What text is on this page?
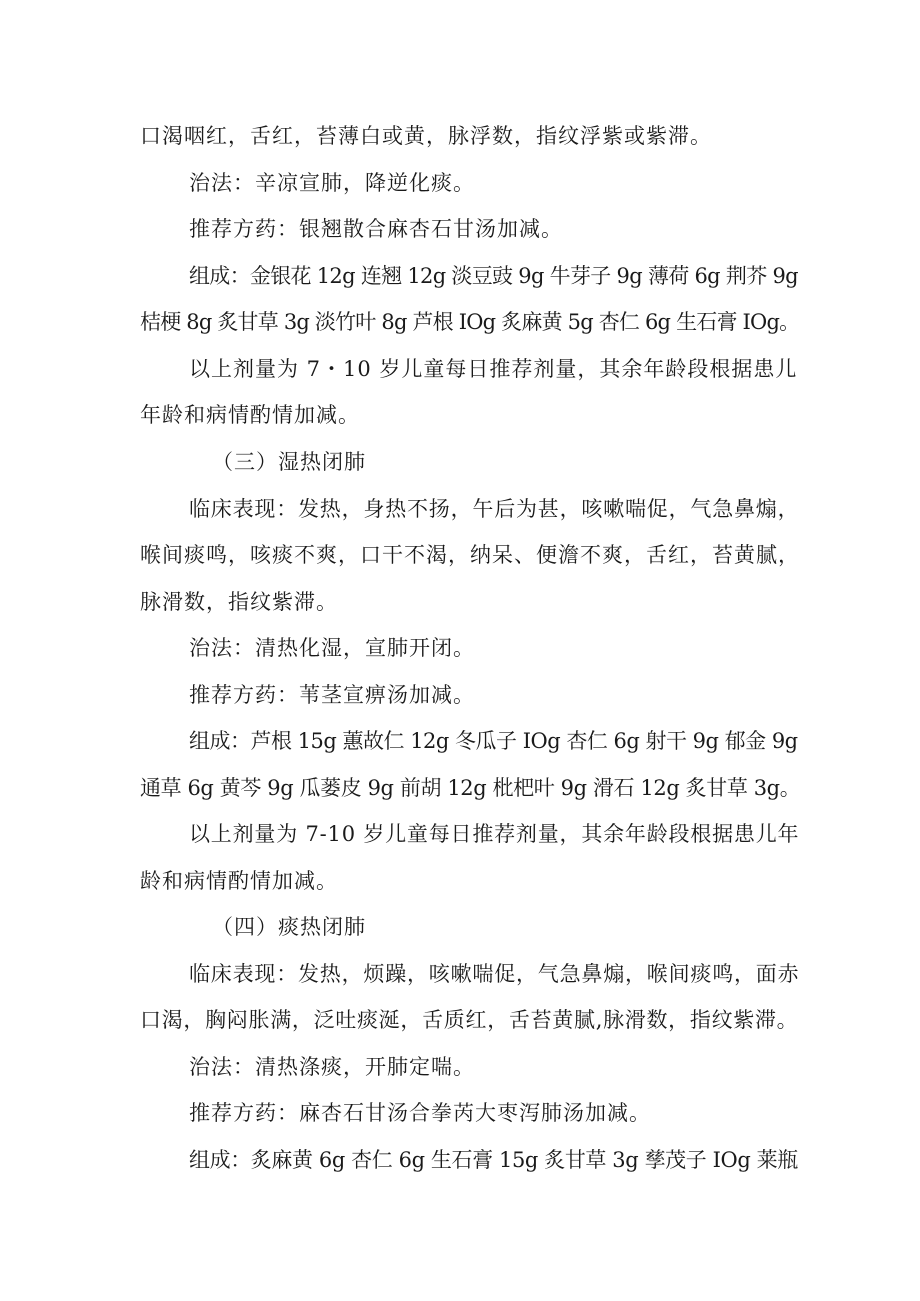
口渴咽红，舌红，苔薄白或黄，脉浮数，指纹浮紫或紫滞。
治法：辛凉宣肺，降逆化痰。
推荐方药：银翘散合麻杏石甘汤加减。
组成：金银花 12g 连翘 12g 淡豆豉 9g 牛芽子 9g 薄荷 6g 荆芥 9g
桔梗 8g 炙甘草 3g 淡竹叶 8g 芦根 IOg 炙麻黄 5g 杏仁 6g 生石膏 IOg。
以上剂量为 7・10 岁儿童每日推荐剂量，其余年龄段根据患儿
年龄和病情酌情加减。
（三）湿热闭肺
临床表现：发热，身热不扬，午后为甚，咳嗽喘促，气急鼻煽，
喉间痰鸣，咳痰不爽，口干不渴，纳呆、便澹不爽，舌红，苔黄腻，
脉滑数，指纹紫滞。
治法：清热化湿，宣肺开闭。
推荐方药：苇茎宣痹汤加减。
组成：芦根 15g 蕙故仁 12g 冬瓜子 IOg 杏仁 6g 射干 9g 郁金 9g
通草 6g 黄芩 9g 瓜蒌皮 9g 前胡 12g 枇杷叶 9g 滑石 12g 炙甘草 3g。
以上剂量为 7-10 岁儿童每日推荐剂量，其余年龄段根据患儿年
龄和病情酌情加减。
（四）痰热闭肺
临床表现：发热，烦躁，咳嗽喘促，气急鼻煽，喉间痰鸣，面赤
口渴，胸闷胀满，泛吐痰涎，舌质红，舌苔黄腻,脉滑数，指纹紫滞。
治法：清热涤痰，开肺定喘。
推荐方药：麻杏石甘汤合拳芮大枣泻肺汤加减。
组成：炙麻黄 6g 杏仁 6g 生石膏 15g 炙甘草 3g 孳茂子 IOg 莱瓶
